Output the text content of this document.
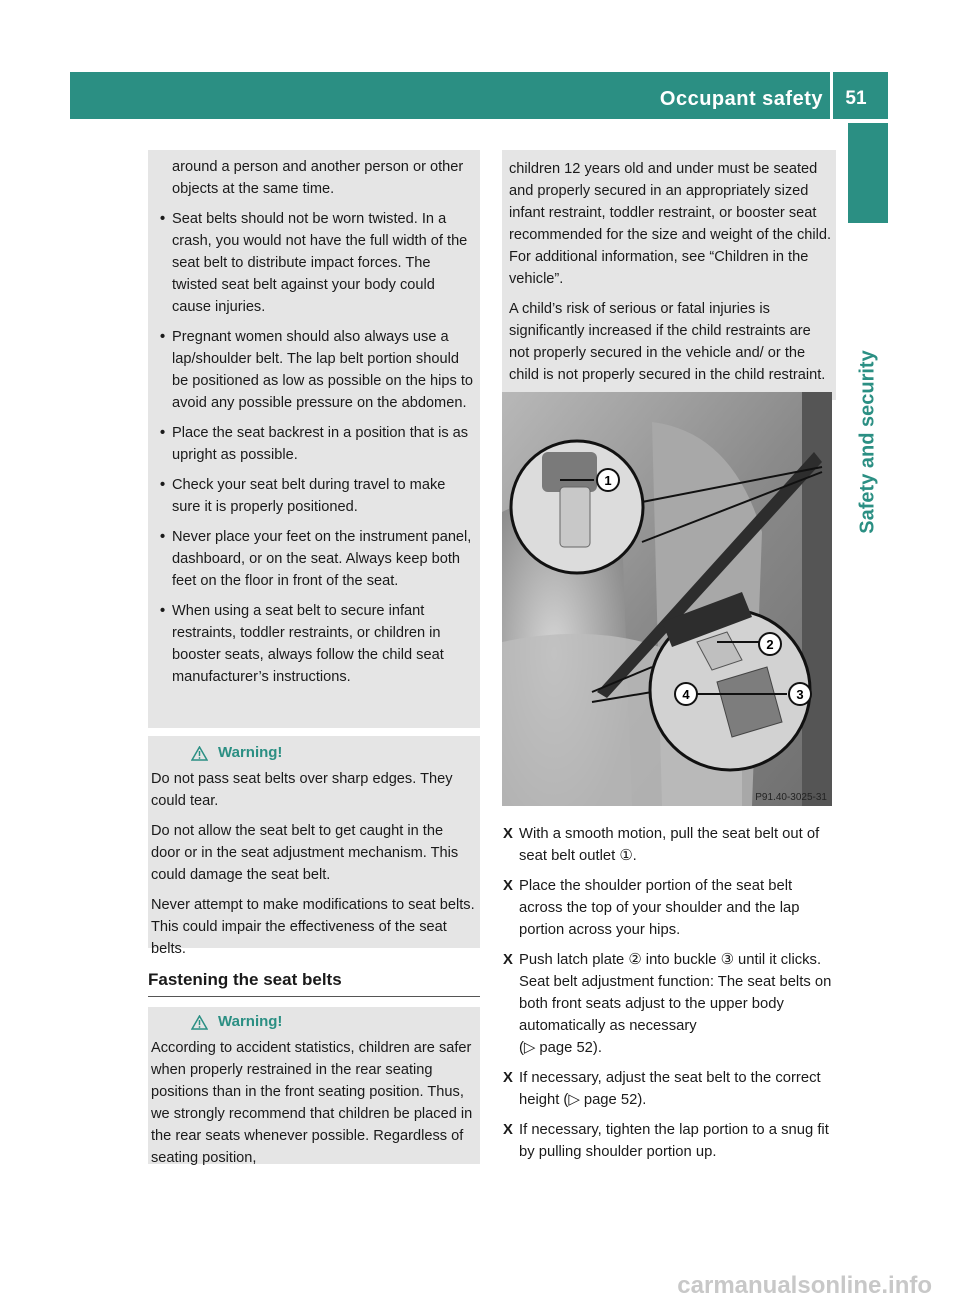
Occupant safety	51
Safety and security
around a person and another person or other objects at the same time.
• Seat belts should not be worn twisted. In a crash, you would not have the full width of the seat belt to distribute impact forces. The twisted seat belt against your body could cause injuries.
• Pregnant women should also always use a lap/shoulder belt. The lap belt portion should be positioned as low as possible on the hips to avoid any possible pressure on the abdomen.
• Place the seat backrest in a position that is as upright as possible.
• Check your seat belt during travel to make sure it is properly positioned.
• Never place your feet on the instrument panel, dashboard, or on the seat. Always keep both feet on the floor in front of the seat.
• When using a seat belt to secure infant restraints, toddler restraints, or children in booster seats, always follow the child seat manufacturer’s instructions.
Warning!

Do not pass seat belts over sharp edges. They could tear.

Do not allow the seat belt to get caught in the door or in the seat adjustment mechanism. This could damage the seat belt.

Never attempt to make modifications to seat belts. This could impair the effectiveness of the seat belts.

Fastening the seat belts
Warning!
According to accident statistics, children are safer when properly restrained in the rear seating positions than in the front seating position. Thus, we strongly recommend that children be placed in the rear seats whenever possible. Regardless of seating position,

children 12 years old and under must be seated and properly secured in an appropriately sized infant restraint, toddler restraint, or booster seat recommended for the size and weight of the child. For additional information, see “Children in the vehicle”.

A child’s risk of serious or fatal injuries is significantly increased if the child restraints are not properly secured in the vehicle and/ or the child is not properly secured in the child restraint.

1
2
3
4
P91.40-3025-31
X With a smooth motion, pull the seat belt out of seat belt outlet ①.
X Place the shoulder portion of the seat belt across the top of your shoulder and the lap portion across your hips.
X Push latch plate ② into buckle ③ until it clicks.
Seat belt adjustment function: The seat belts on both front seats adjust to the upper body automatically as necessary
(▷ page 52).
X If necessary, adjust the seat belt to the correct height (▷ page 52).
X If necessary, tighten the lap portion to a snug fit by pulling shoulder portion up.
carmanualsonline.info
